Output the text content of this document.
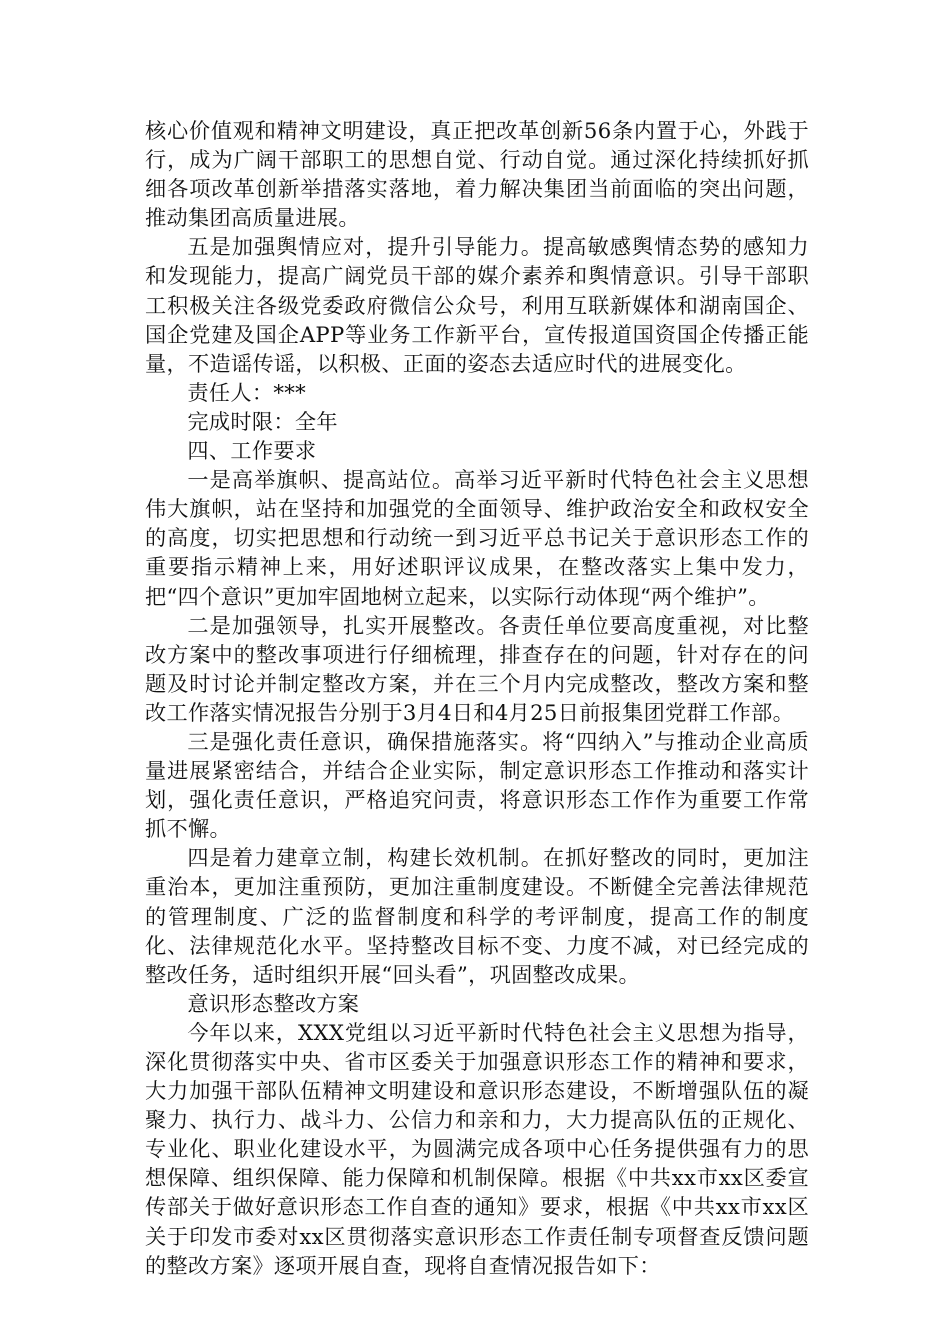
核心价值观和精神文明建设，真正把改革创新56条内置于心，外践于行，成为广阔干部职工的思想自觉、行动自觉。通过深化持续抓好抓细各项改革创新举措落实落地，着力解决集团当前面临的突出问题，推动集团高质量进展。

五是加强舆情应对，提升引导能力。提高敏感舆情态势的感知力和发现能力，提高广阔党员干部的媒介素养和舆情意识。引导干部职工积极关注各级党委政府微信公众号，利用互联新媒体和湖南国企、国企党建及国企APP等业务工作新平台，宣传报道国资国企传播正能量，不造谣传谣，以积极、正面的姿态去适应时代的进展变化。

责任人：***

完成时限：全年

四、工作要求

一是高举旗帜、提高站位。高举习近平新时代特色社会主义思想伟大旗帜，站在坚持和加强党的全面领导、维护政治安全和政权安全的高度，切实把思想和行动统一到习近平总书记关于意识形态工作的重要指示精神上来，用好述职评议成果，在整改落实上集中发力，把“四个意识”更加牢固地树立起来，以实际行动体现“两个维护”。

二是加强领导，扎实开展整改。各责任单位要高度重视，对比整改方案中的整改事项进行仔细梳理，排查存在的问题，针对存在的问题及时讨论并制定整改方案，并在三个月内完成整改，整改方案和整改工作落实情况报告分别于3月4日和4月25日前报集团党群工作部。

三是强化责任意识，确保措施落实。将“四纳入”与推动企业高质量进展紧密结合，并结合企业实际，制定意识形态工作推动和落实计划，强化责任意识，严格追究问责，将意识形态工作作为重要工作常抓不懈。

四是着力建章立制，构建长效机制。在抓好整改的同时，更加注重治本，更加注重预防，更加注重制度建设。不断健全完善法律规范的管理制度、广泛的监督制度和科学的考评制度，提高工作的制度化、法律规范化水平。坚持整改目标不变、力度不减，对已经完成的整改任务，适时组织开展“回头看”，巩固整改成果。

意识形态整改方案

今年以来，XXX党组以习近平新时代特色社会主义思想为指导，深化贯彻落实中央、省市区委关于加强意识形态工作的精神和要求，大力加强干部队伍精神文明建设和意识形态建设，不断增强队伍的凝聚力、执行力、战斗力、公信力和亲和力，大力提高队伍的正规化、专业化、职业化建设水平，为圆满完成各项中心任务提供强有力的思想保障、组织保障、能力保障和机制保障。根据《中共xx市xx区委宣传部关于做好意识形态工作自查的通知》要求，根据《中共xx市xx区关于印发市委对xx区贯彻落实意识形态工作责任制专项督查反馈问题的整改方案》逐项开展自查，现将自查情况报告如下：
